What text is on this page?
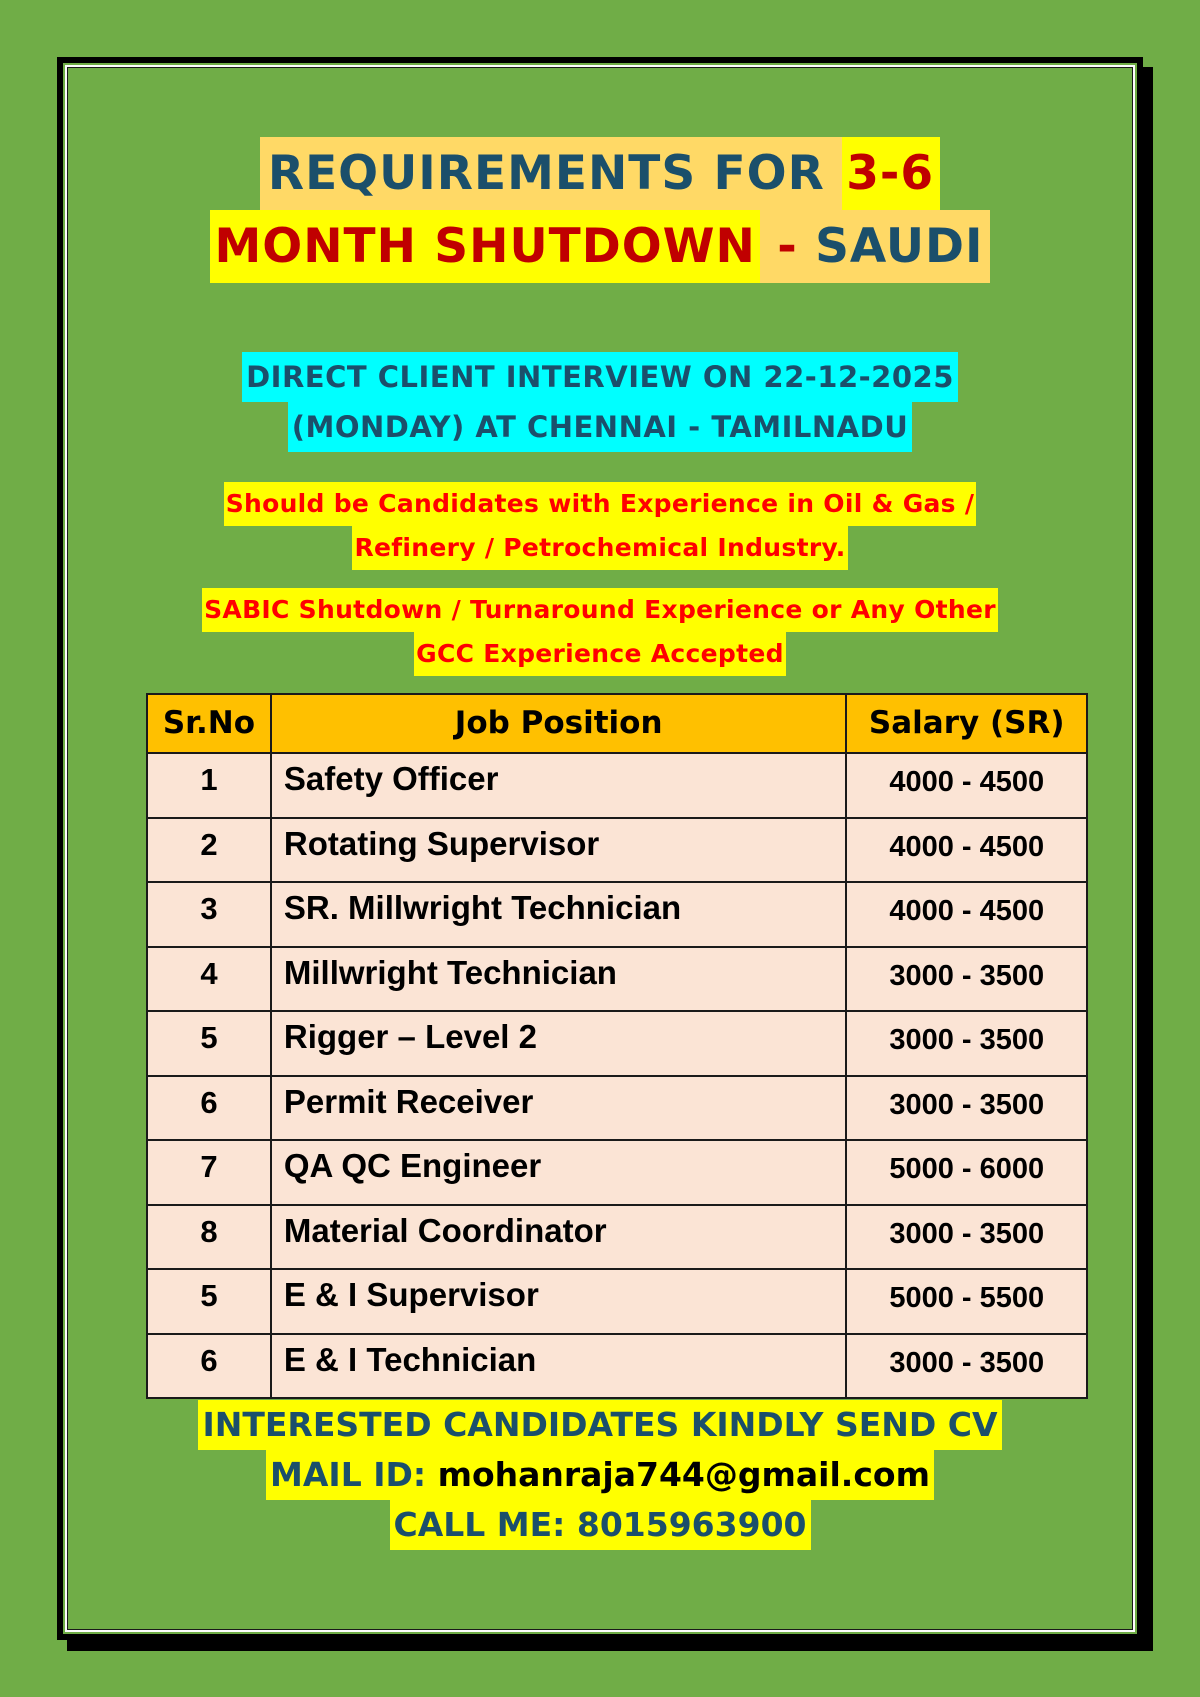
REQUIREMENTS FOR 3-6
MONTH SHUTDOWN - SAUDI
DIRECT CLIENT INTERVIEW ON 22-12-2025
(MONDAY) AT CHENNAI - TAMILNADU
Should be Candidates with Experience in Oil & Gas /
Refinery / Petrochemical Industry.
SABIC Shutdown / Turnaround Experience or Any Other
GCC Experience Accepted
Sr.No	Job Position	Salary (SR)
1	Safety Officer	4000 - 4500
2	Rotating Supervisor	4000 - 4500
3	SR. Millwright Technician	4000 - 4500
4	Millwright Technician	3000 - 3500
5	Rigger – Level 2	3000 - 3500
6	Permit Receiver	3000 - 3500
7	QA QC Engineer	5000 - 6000
8	Material Coordinator	3000 - 3500
5	E & I Supervisor	5000 - 5500
6	E & I Technician	3000 - 3500
INTERESTED CANDIDATES KINDLY SEND CV
MAIL ID: mohanraja744@gmail.com
CALL ME: 8015963900
